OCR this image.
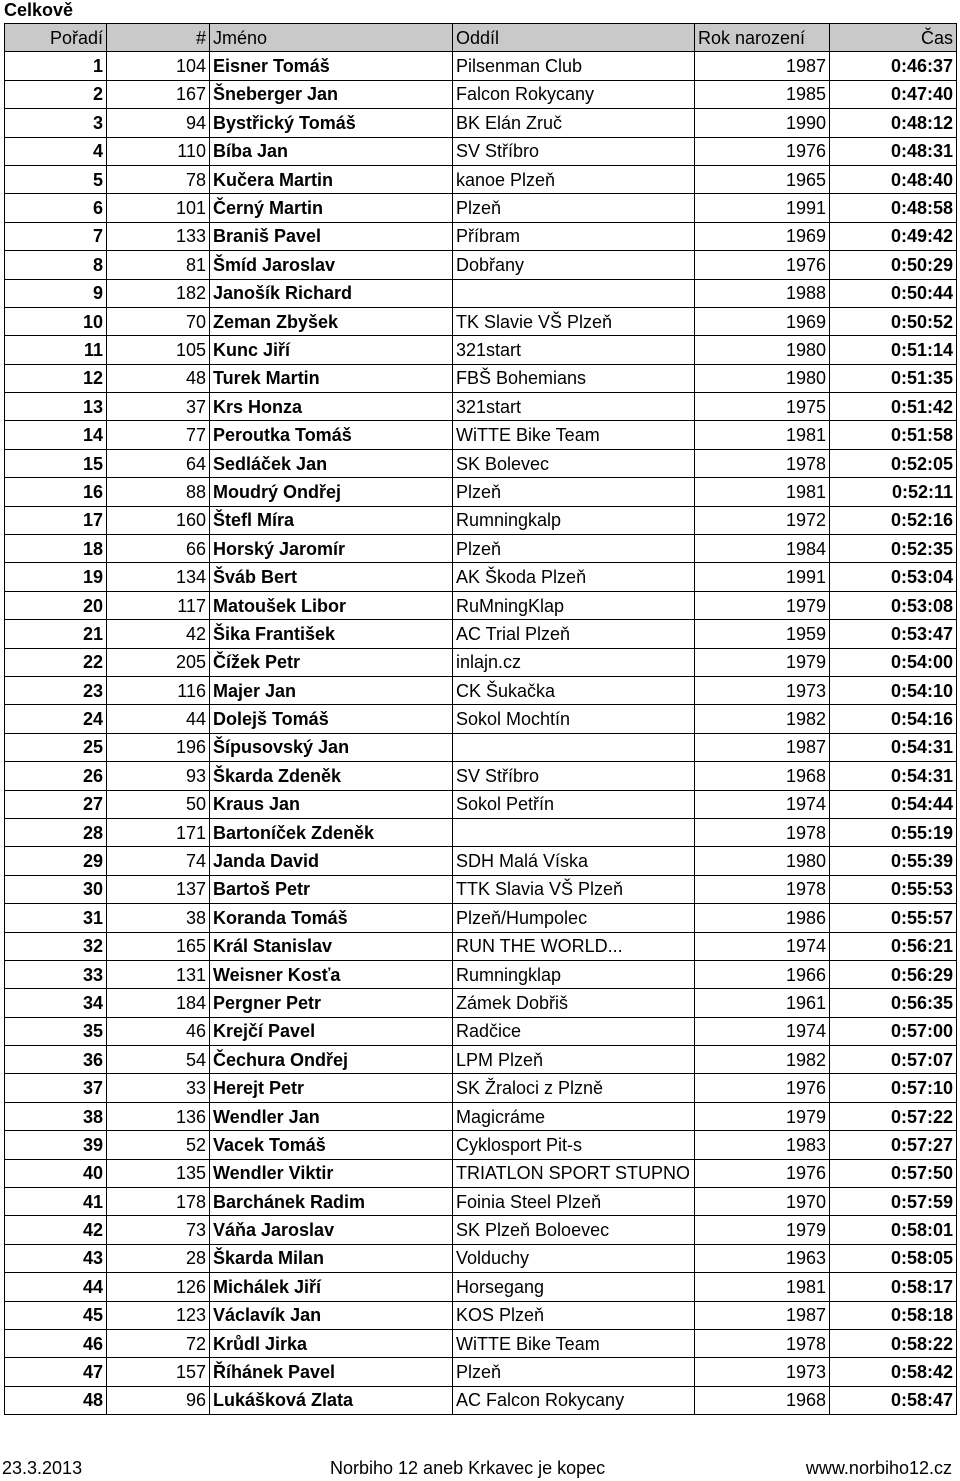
Celkově
Pořadí	#	Jméno	Oddíl	Rok narození	Čas
1	104	Eisner Tomáš	Pilsenman Club	1987	0:46:37
2	167	Šneberger Jan	Falcon Rokycany	1985	0:47:40
3	94	Bystřický Tomáš	BK Elán Zruč	1990	0:48:12
4	110	Bíba Jan	SV Stříbro	1976	0:48:31
5	78	Kučera Martin	kanoe Plzeň	1965	0:48:40
6	101	Černý Martin	Plzeň	1991	0:48:58
7	133	Braniš Pavel	Příbram	1969	0:49:42
8	81	Šmíd Jaroslav	Dobřany	1976	0:50:29
9	182	Janošík Richard		1988	0:50:44
10	70	Zeman Zbyšek	TK Slavie VŠ Plzeň	1969	0:50:52
11	105	Kunc Jiří	321start	1980	0:51:14
12	48	Turek Martin	FBŠ Bohemians	1980	0:51:35
13	37	Krs Honza	321start	1975	0:51:42
14	77	Peroutka Tomáš	WiTTE Bike Team	1981	0:51:58
15	64	Sedláček Jan	SK Bolevec	1978	0:52:05
16	88	Moudrý Ondřej	Plzeň	1981	0:52:11
17	160	Štefl Míra	Rumningkalp	1972	0:52:16
18	66	Horský Jaromír	Plzeň	1984	0:52:35
19	134	Šváb Bert	AK Škoda Plzeň	1991	0:53:04
20	117	Matoušek Libor	RuMningKlap	1979	0:53:08
21	42	Šika František	AC Trial Plzeň	1959	0:53:47
22	205	Čížek Petr	inlajn.cz	1979	0:54:00
23	116	Majer Jan	CK Šukačka	1973	0:54:10
24	44	Dolejš Tomáš	Sokol Mochtín	1982	0:54:16
25	196	Šípusovský Jan		1987	0:54:31
26	93	Škarda Zdeněk	SV Stříbro	1968	0:54:31
27	50	Kraus Jan	Sokol Petřín	1974	0:54:44
28	171	Bartoníček Zdeněk		1978	0:55:19
29	74	Janda David	SDH Malá Víska	1980	0:55:39
30	137	Bartoš Petr	TTK Slavia VŠ Plzeň	1978	0:55:53
31	38	Koranda Tomáš	Plzeň/Humpolec	1986	0:55:57
32	165	Král Stanislav	RUN THE WORLD...	1974	0:56:21
33	131	Weisner Kosťa	Rumningklap	1966	0:56:29
34	184	Pergner Petr	Zámek Dobřiš	1961	0:56:35
35	46	Krejčí Pavel	Radčice	1974	0:57:00
36	54	Čechura Ondřej	LPM Plzeň	1982	0:57:07
37	33	Herejt Petr	SK Žraloci z Plzně	1976	0:57:10
38	136	Wendler Jan	Magicráme	1979	0:57:22
39	52	Vacek Tomáš	Cyklosport Pit-s	1983	0:57:27
40	135	Wendler Viktir	TRIATLON SPORT STUPNO	1976	0:57:50
41	178	Barchánek Radim	Foinia Steel Plzeň	1970	0:57:59
42	73	Váňa Jaroslav	SK Plzeň Boloevec	1979	0:58:01
43	28	Škarda Milan	Volduchy	1963	0:58:05
44	126	Michálek Jiří	Horsegang	1981	0:58:17
45	123	Václavík Jan	KOS Plzeň	1987	0:58:18
46	72	Krůdl Jirka	WiTTE Bike Team	1978	0:58:22
47	157	Říhánek Pavel	Plzeň	1973	0:58:42
48	96	Lukášková Zlata	AC Falcon Rokycany	1968	0:58:47
23.3.2013	Norbiho 12 aneb Krkavec je kopec	www.norbiho12.cz
